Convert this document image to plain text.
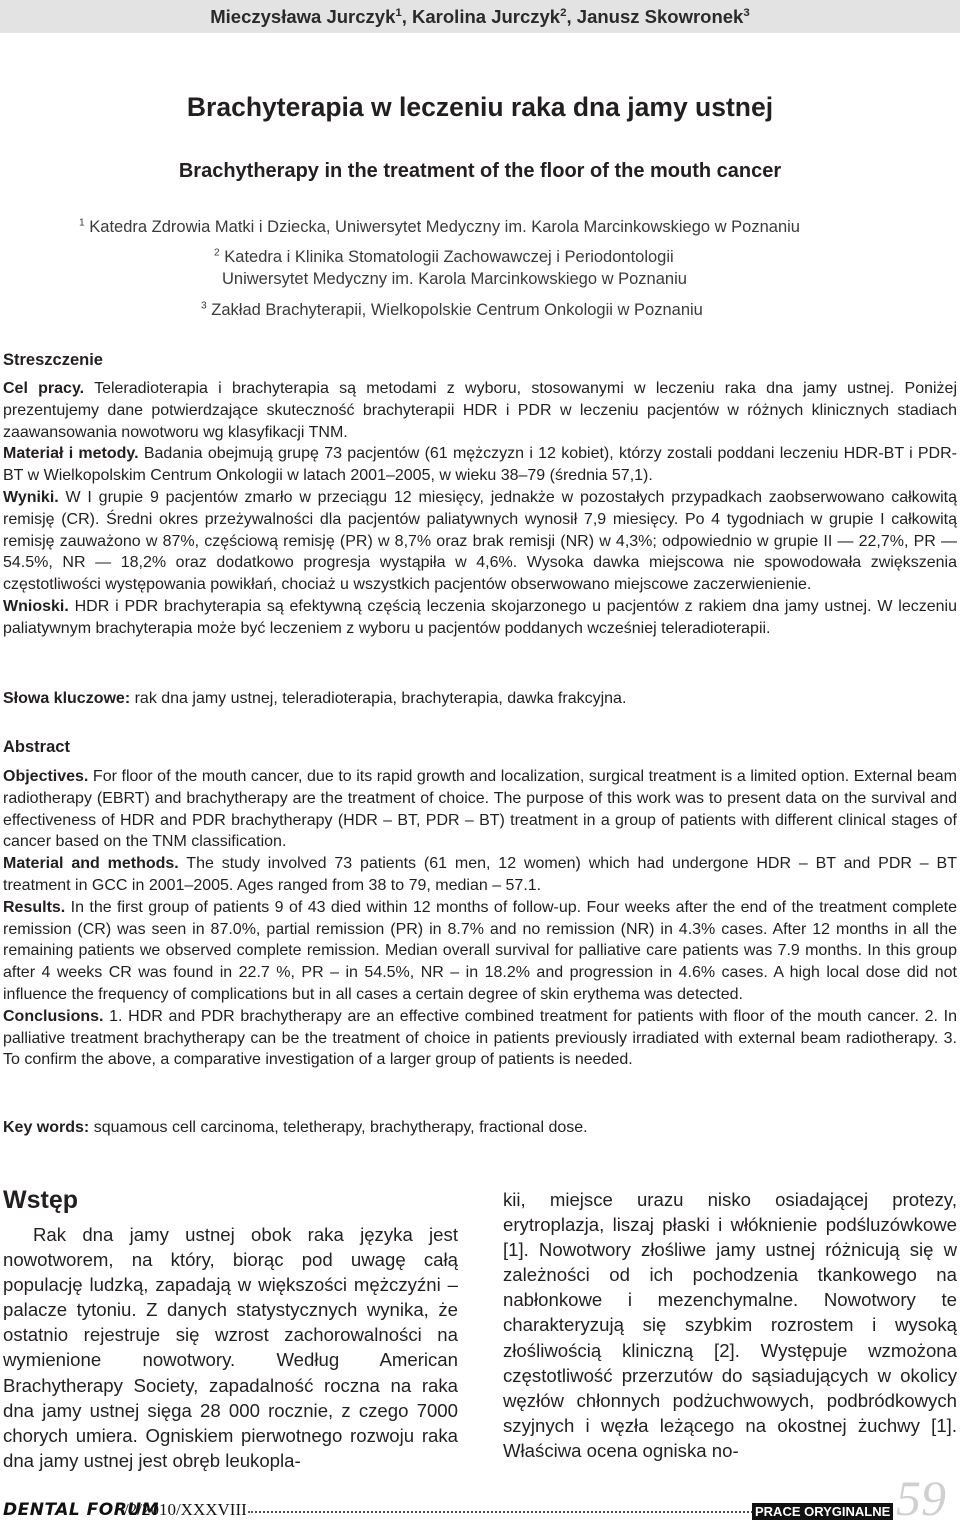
Mieczysława Jurczyk$^1$, Karolina Jurczyk$^2$, Janusz Skowronek$^3$
Brachyterapia w leczeniu raka dna jamy ustnej
Brachytherapy in the treatment of the floor of the mouth cancer
$^1$ Katedra Zdrowia Matki i Dziecka, Uniwersytet Medyczny im. Karola Marcinkowskiego w Poznaniu
$^2$ Katedra i Klinika Stomatologii Zachowawczej i Periodontologii
Uniwersytet Medyczny im. Karola Marcinkowskiego w Poznaniu
$^3$ Zakład Brachyterapii, Wielkopolskie Centrum Onkologii w Poznaniu
Streszczenie

Cel pracy. Teleradioterapia i brachyterapia są metodami z wyboru, stosowanymi w leczeniu raka dna jamy ustnej. Poniżej prezentujemy dane potwierdzające skuteczność brachyterapii HDR i PDR w leczeniu pacjentów w różnych klinicznych stadiach zaawansowania nowotworu wg klasyfikacji TNM.

Materiał i metody. Badania obejmują grupę 73 pacjentów (61 mężczyzn i 12 kobiet), którzy zostali poddani leczeniu HDR-BT i PDR-BT w Wielkopolskim Centrum Onkologii w latach 2001–2005, w wieku 38–79 (średnia 57,1).

Wyniki. W I grupie 9 pacjentów zmarło w przeciągu 12 miesięcy, jednakże w pozostałych przypadkach zaobserwowano całkowitą remisję (CR). Średni okres przeżywalności dla pacjentów paliatywnych wynosił 7,9 miesięcy. Po 4 tygodniach w grupie I całkowitą remisję zauważono w 87%, częściową remisję (PR) w 8,7% oraz brak remisji (NR) w 4,3%; odpowiednio w grupie II — 22,7%, PR — 54.5%, NR — 18,2% oraz dodatkowo progresja wystąpiła w 4,6%. Wysoka dawka miejscowa nie spowodowała zwiększenia częstotliwości występowania powikłań, chociaż u wszystkich pacjentów obserwowano miejscowe zaczerwienienie.

Wnioski. HDR i PDR brachyterapia są efektywną częścią leczenia skojarzonego u pacjentów z rakiem dna jamy ustnej. W leczeniu paliatywnym brachyterapia może być leczeniem z wyboru u pacjentów poddanych wcześniej teleradioterapii.

Słowa kluczowe: rak dna jamy ustnej, teleradioterapia, brachyterapia, dawka frakcyjna.
Abstract

Objectives. For floor of the mouth cancer, due to its rapid growth and localization, surgical treatment is a limited option. External beam radiotherapy (EBRT) and brachytherapy are the treatment of choice. The purpose of this work was to present data on the survival and effectiveness of HDR and PDR brachytherapy (HDR – BT, PDR – BT) treatment in a group of patients with different clinical stages of cancer based on the TNM classification.

Material and methods. The study involved 73 patients (61 men, 12 women) which had undergone HDR – BT and PDR – BT treatment in GCC in 2001–2005. Ages ranged from 38 to 79, median – 57.1.

Results. In the first group of patients 9 of 43 died within 12 months of follow-up. Four weeks after the end of the treatment complete remission (CR) was seen in 87.0%, partial remission (PR) in 8.7% and no remission (NR) in 4.3% cases. After 12 months in all the remaining patients we observed complete remission. Median overall survival for palliative care patients was 7.9 months. In this group after 4 weeks CR was found in 22.7 %, PR – in 54.5%, NR – in 18.2% and progression in 4.6% cases. A high local dose did not influence the frequency of complications but in all cases a certain degree of skin erythema was detected.

Conclusions. 1. HDR and PDR brachytherapy are an effective combined treatment for patients with floor of the mouth cancer. 2. In palliative treatment brachytherapy can be the treatment of choice in patients previously irradiated with external beam radiotherapy. 3. To confirm the above, a comparative investigation of a larger group of patients is needed.

Key words: squamous cell carcinoma, teletherapy, brachytherapy, fractional dose.
Wstęp

Rak dna jamy ustnej obok raka języka jest nowotworem, na który, biorąc pod uwagę całą populację ludzką, zapadają w większości mężczyźni – palacze tytoniu. Z danych statystycznych wynika, że ostatnio rejestruje się wzrost zachorowalności na wymienione nowotwory. Według American Brachytherapy Society, zapadalność roczna na raka dna jamy ustnej sięga 28 000 rocznie, z czego 7000 chorych umiera. Ogniskiem pierwotnego rozwoju raka dna jamy ustnej jest obręb leukopla-

kii, miejsce urazu nisko osiadającej protezy, erytroplazja, liszaj płaski i włóknienie podśluzówkowe [1]. Nowotwory złośliwe jamy ustnej różnicują się w zależności od ich pochodzenia tkankowego na nabłonkowe i mezenchymalne. Nowotwory te charakteryzują się szybkim rozrostem i wysoką złośliwością kliniczną [2]. Występuje wzmożona częstotliwość przerzutów do sąsiadujących w okolicy węzłów chłonnych podżuchwowych, podbródkowych szyjnych i węzła leżącego na okostnej żuchwy [1]. Właściwa ocena ogniska no-

DENTAL FORUM
/2/2010/XXXVIII	PRACE ORYGINALNE 59
